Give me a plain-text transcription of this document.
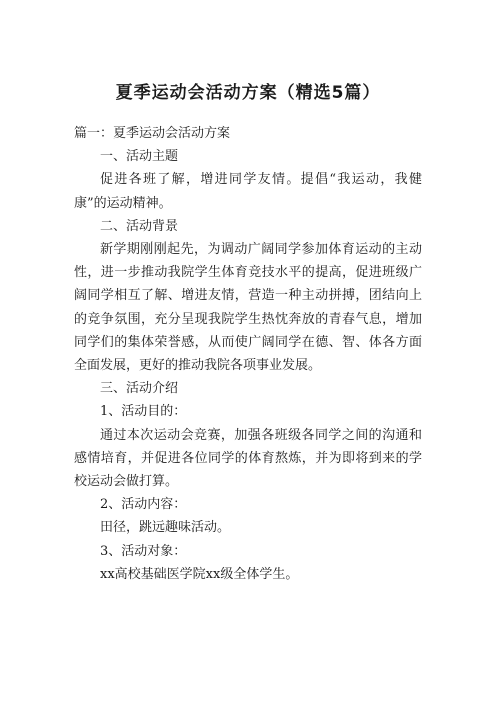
夏季运动会活动方案（精选5篇）

篇一：夏季运动会活动方案

一、活动主题

促进各班了解，增进同学友情。提倡“我运动，我健康”的运动精神。

二、活动背景

新学期刚刚起先，为调动广阔同学参加体育运动的主动性，进一步推动我院学生体育竞技水平的提高，促进班级广阔同学相互了解、增进友情，营造一种主动拼搏，团结向上的竞争氛围，充分呈现我院学生热忱奔放的青春气息，增加同学们的集体荣誉感，从而使广阔同学在德、智、体各方面全面发展，更好的推动我院各项事业发展。

三、活动介绍

1、活动目的：

通过本次运动会竞赛，加强各班级各同学之间的沟通和感情培育，并促进各位同学的体育熬炼，并为即将到来的学校运动会做打算。

2、活动内容：

田径，跳远趣味活动。

3、活动对象：

xx高校基础医学院xx级全体学生。
